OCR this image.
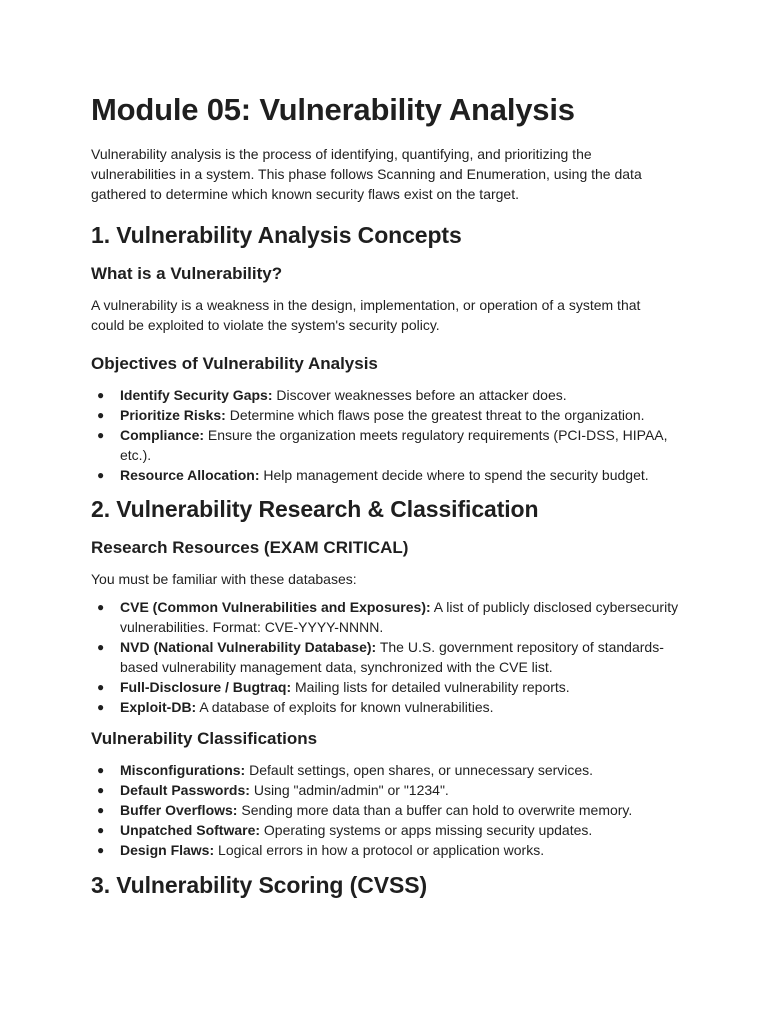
Module 05: Vulnerability Analysis

Vulnerability analysis is the process of identifying, quantifying, and prioritizing the vulnerabilities in a system. This phase follows Scanning and Enumeration, using the data gathered to determine which known security flaws exist on the target.

1. Vulnerability Analysis Concepts
What is a Vulnerability?

A vulnerability is a weakness in the design, implementation, or operation of a system that could be exploited to violate the system's security policy.

Objectives of Vulnerability Analysis
● Identify Security Gaps: Discover weaknesses before an attacker does.
● Prioritize Risks: Determine which flaws pose the greatest threat to the organization.
● Compliance: Ensure the organization meets regulatory requirements (PCI-DSS, HIPAA, etc.).
● Resource Allocation: Help management decide where to spend the security budget.
2. Vulnerability Research & Classification
Research Resources (EXAM CRITICAL)

You must be familiar with these databases:

● CVE (Common Vulnerabilities and Exposures): A list of publicly disclosed cybersecurity vulnerabilities. Format: CVE-YYYY-NNNN.
● NVD (National Vulnerability Database): The U.S. government repository of standards-based vulnerability management data, synchronized with the CVE list.
● Full-Disclosure / Bugtraq: Mailing lists for detailed vulnerability reports.
● Exploit-DB: A database of exploits for known vulnerabilities.
Vulnerability Classifications
● Misconfigurations: Default settings, open shares, or unnecessary services.
● Default Passwords: Using "admin/admin" or "1234".
● Buffer Overflows: Sending more data than a buffer can hold to overwrite memory.
● Unpatched Software: Operating systems or apps missing security updates.
● Design Flaws: Logical errors in how a protocol or application works.
3. Vulnerability Scoring (CVSS)
